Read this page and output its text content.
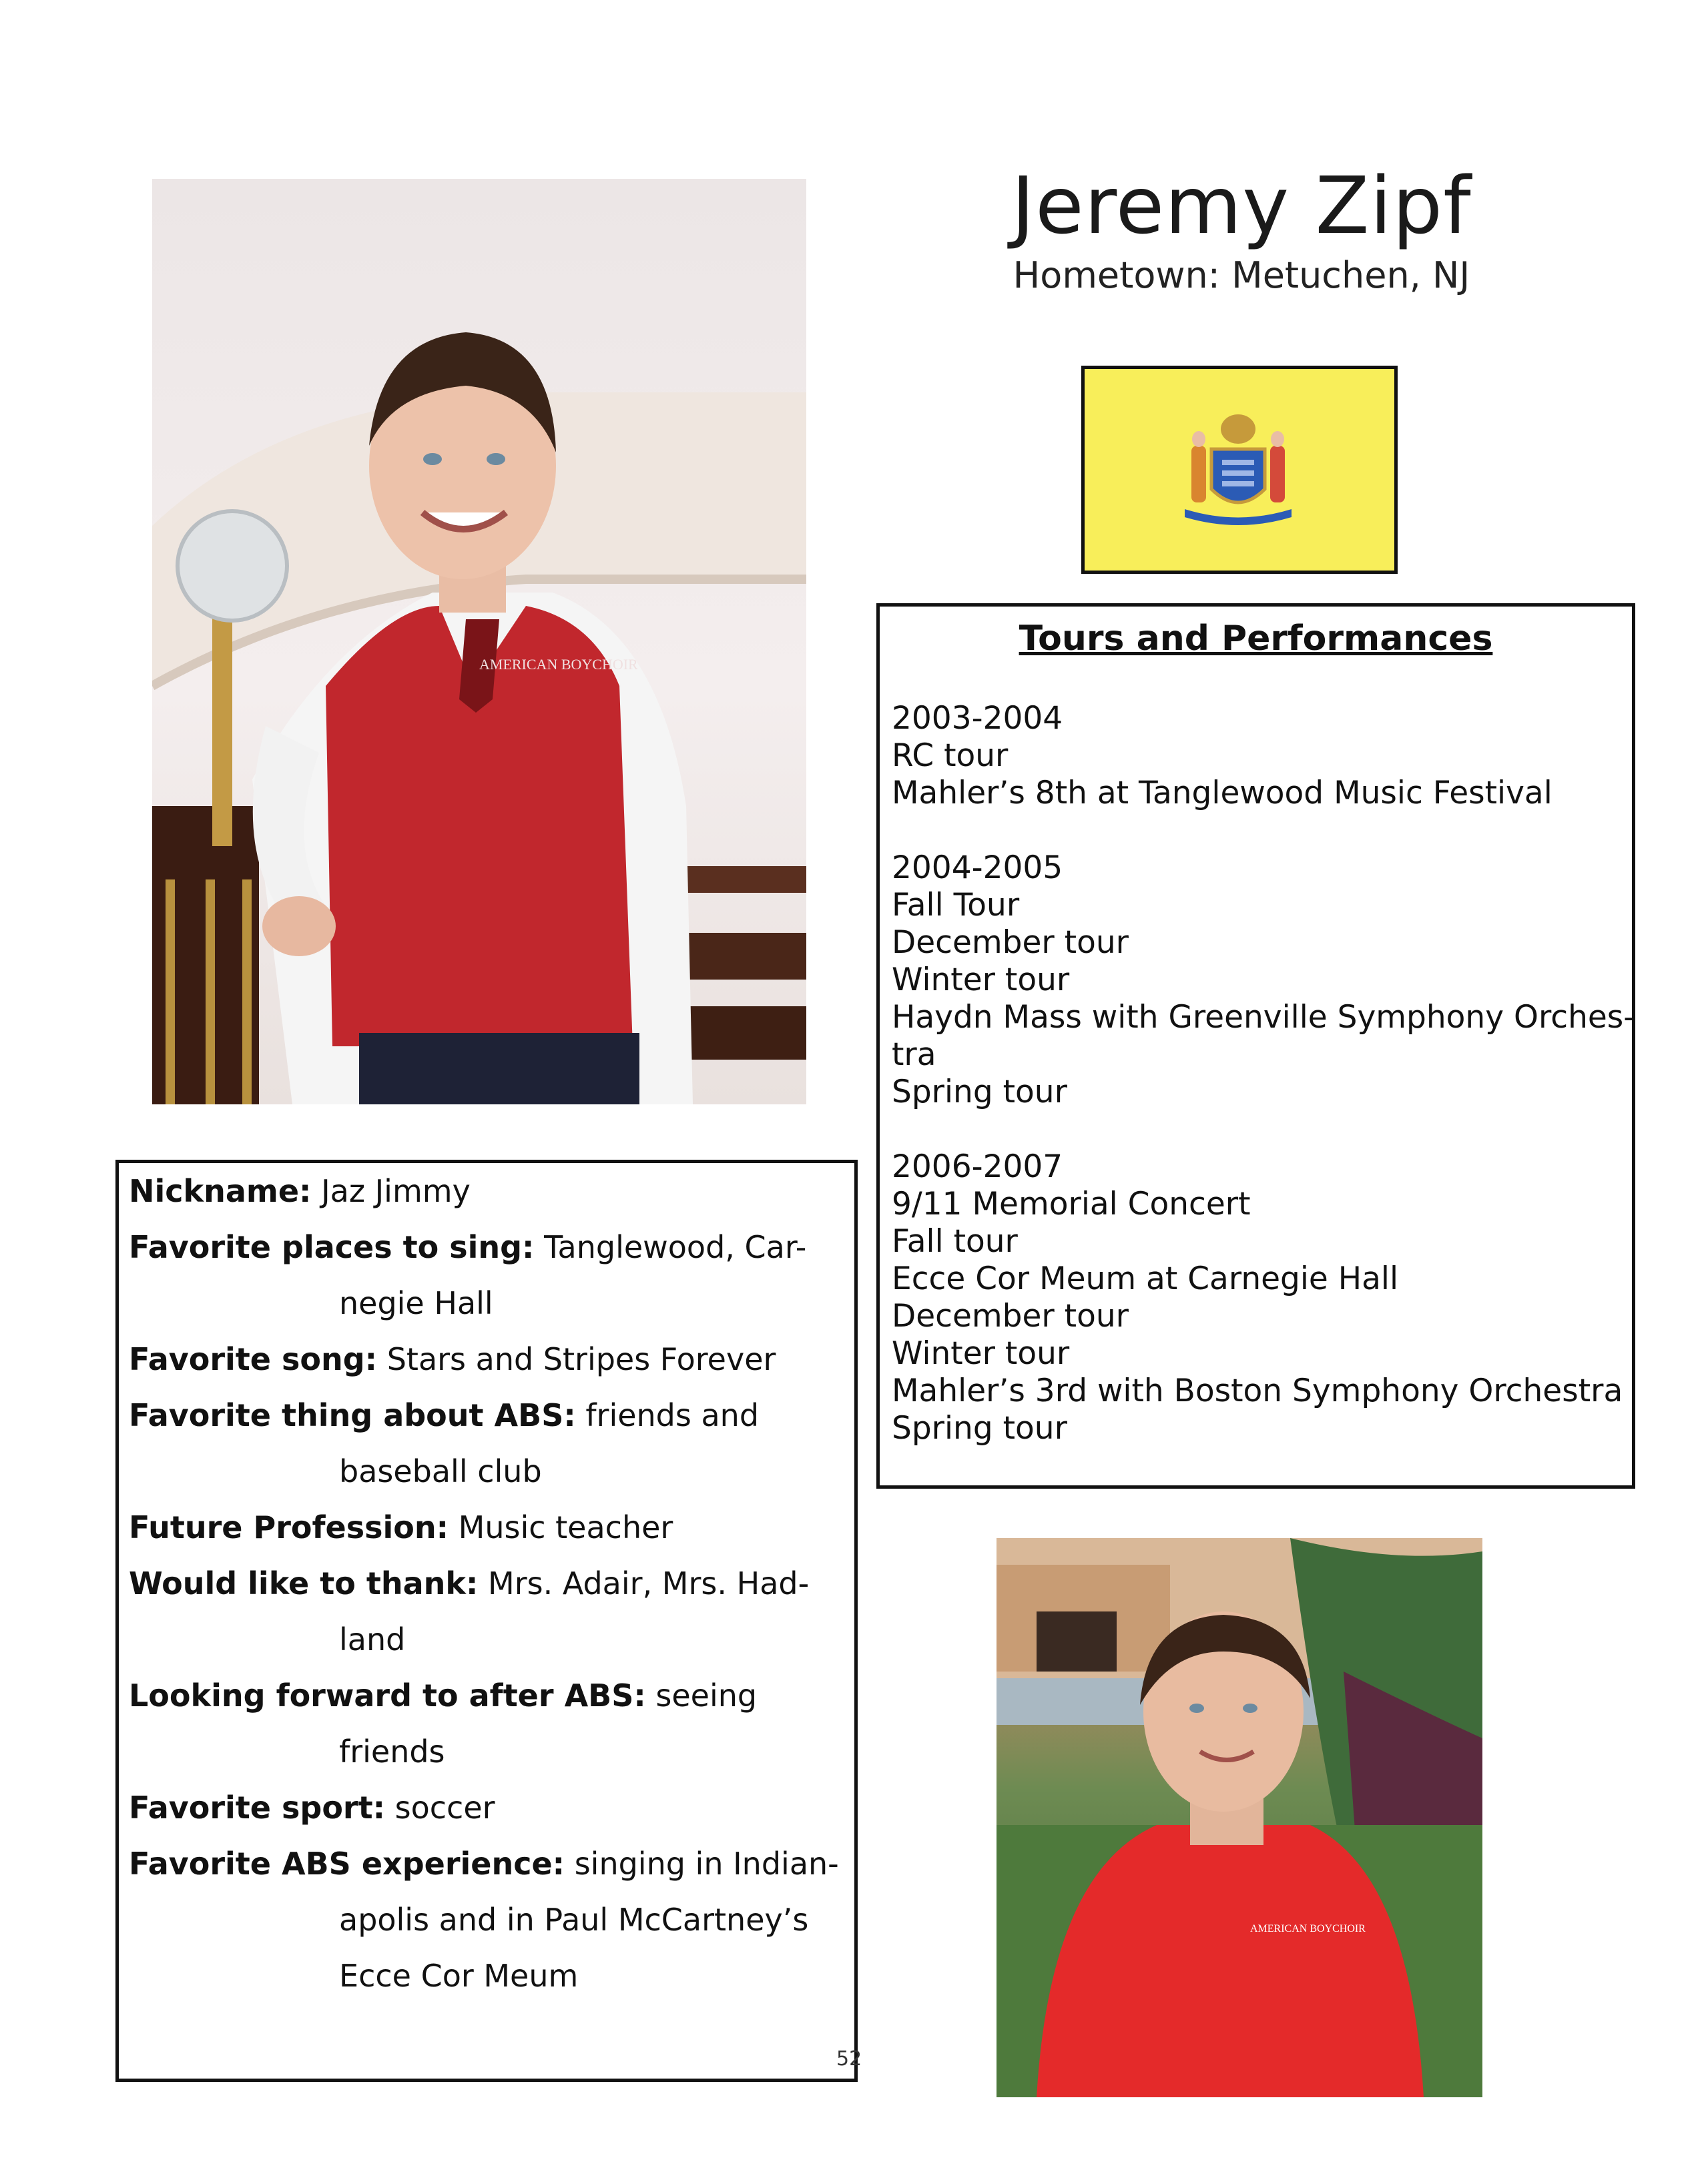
Jeremy Zipf
Hometown: Metuchen, NJ
AMERICAN BOYCHOIR
Tours and Performances
2003-2004
RC tour
Mahler’s 8th at Tanglewood Music Festival
2004-2005
Fall Tour
December tour
Winter tour
Haydn Mass with Greenville Symphony Orches-
tra
Spring tour
2006-2007
9/11 Memorial Concert
Fall tour
Ecce Cor Meum at Carnegie Hall
December tour
Winter tour
Mahler’s 3rd with Boston Symphony Orchestra
Spring tour
Nickname: Jaz Jimmy
Favorite places to sing: Tanglewood, Car-
negie Hall
Favorite song: Stars and Stripes Forever
Favorite thing about ABS: friends and
baseball club
Future Profession: Music teacher
Would like to thank: Mrs. Adair, Mrs. Had-
land
Looking forward to after ABS: seeing
friends
Favorite sport: soccer
Favorite ABS experience: singing in Indian-
apolis and in Paul McCartney’s
Ecce Cor Meum
52
AMERICAN BOYCHOIR
